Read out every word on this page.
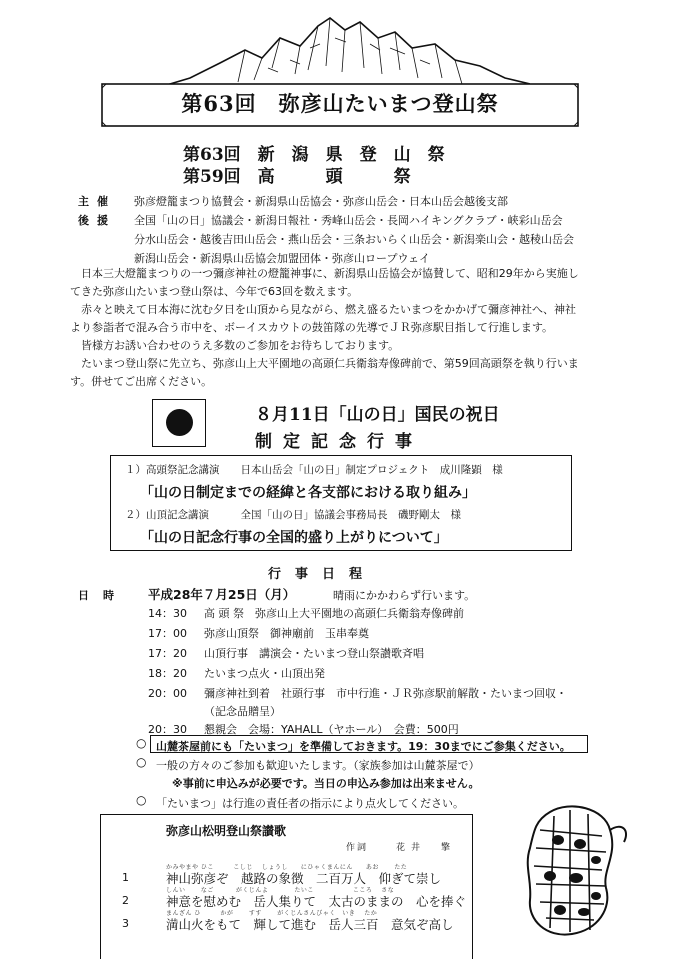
第63回　弥彦山たいまつ登山祭
第63回　新　潟　県　登　山　祭
第59回　高　　　頭　　　祭
主催 弥彦燈籠まつり協賛会・新潟県山岳協会・弥彦山岳会・日本山岳会越後支部
後援 全国「山の日」協議会・新潟日報社・秀峰山岳会・長岡ハイキングクラブ・峡彩山岳会
分水山岳会・越後吉田山岳会・燕山岳会・三条おいらく山岳会・新潟楽山会・越稜山岳会
新潟山岳会・新潟県山岳協会加盟団体・弥彦山ロープウェイ
日本三大燈籠まつりの一つ彌彦神社の燈籠神事に、新潟県山岳協会が協賛して、昭和29年から実施し
てきた弥彦山たいまつ登山祭は、今年で63回を数えます。
赤々と映えて日本海に沈む夕日を山頂から見ながら、燃え盛るたいまつをかかげて彌彦神社へ、神社
より参詣者で混み合う市中を、ボーイスカウトの鼓笛隊の先導でＪＲ弥彦駅目指して行進します。
皆様方お誘い合わせのうえ多数のご参加をお待ちしております。
たいまつ登山祭に先立ち、弥彦山上大平園地の高頭仁兵衛翁寿像碑前で、第59回高頭祭を執り行いま
す。併せてご出席ください。
８月11日「山の日」国民の祝日
制定記念行事
１）高頭祭記念講演　　日本山岳会「山の日」制定プロジェクト　成川隆顕　様
「山の日制定までの経緯と各支部における取り組み」
２）山頂記念講演　　　全国「山の日」協議会事務局長　磯野剛太　様
「山の日記念行事の全国的盛り上がりについて」
行事日程
日時 平成28年７月25日（月）	晴雨にかかわらず行います。
14：30 高 頭 祭　弥彦山上大平園地の高頭仁兵衛翁寿像碑前
17：00 弥彦山頂祭　御神廟前　玉串奉奠
17：20 山頂行事　講演会・たいまつ登山祭讃歌斉唱
18：20 たいまつ点火・山頂出発
20：00 彌彦神社到着　社頭行事　市中行進・ＪＲ弥彦駅前解散・たいまつ回収・
（記念品贈呈）
20：30 懇親会　会場：YAHALL（ヤホール）　会費：500円
○ 山麓茶屋前にも「たいまつ」を準備しておきます。19：30までにご参集ください。
○ 一般の方々のご参加も歓迎いたします。（家族参加は山麓茶屋で）
※事前に申込みが必要です。当日の申込み参加は出来ません。
○ 「たいまつ」は行進の責任者の指示により点火してください。
弥彦山松明登山祭讃歌
作詞	花井　擎
かみやまや ひこ　　　こしじ　 しょうし　　にひゃくまんにん　　あお　　 たた
1	神山弥彦ぞ　越路の象徴　二百万人　仰ぎて崇し
しんい　　 なご　　　 がくじんよ　　　　たいこ　　　　　　こころ　 さな
2	神意を慰めむ　岳人集りて　太古のままの　心を捧ぐ
まんざん ひ　　　かが　　 すす　　 がくじんさんびゃく　いき　 たか
3	満山火をもて　輝して進む　岳人三百　意気ぞ高し
